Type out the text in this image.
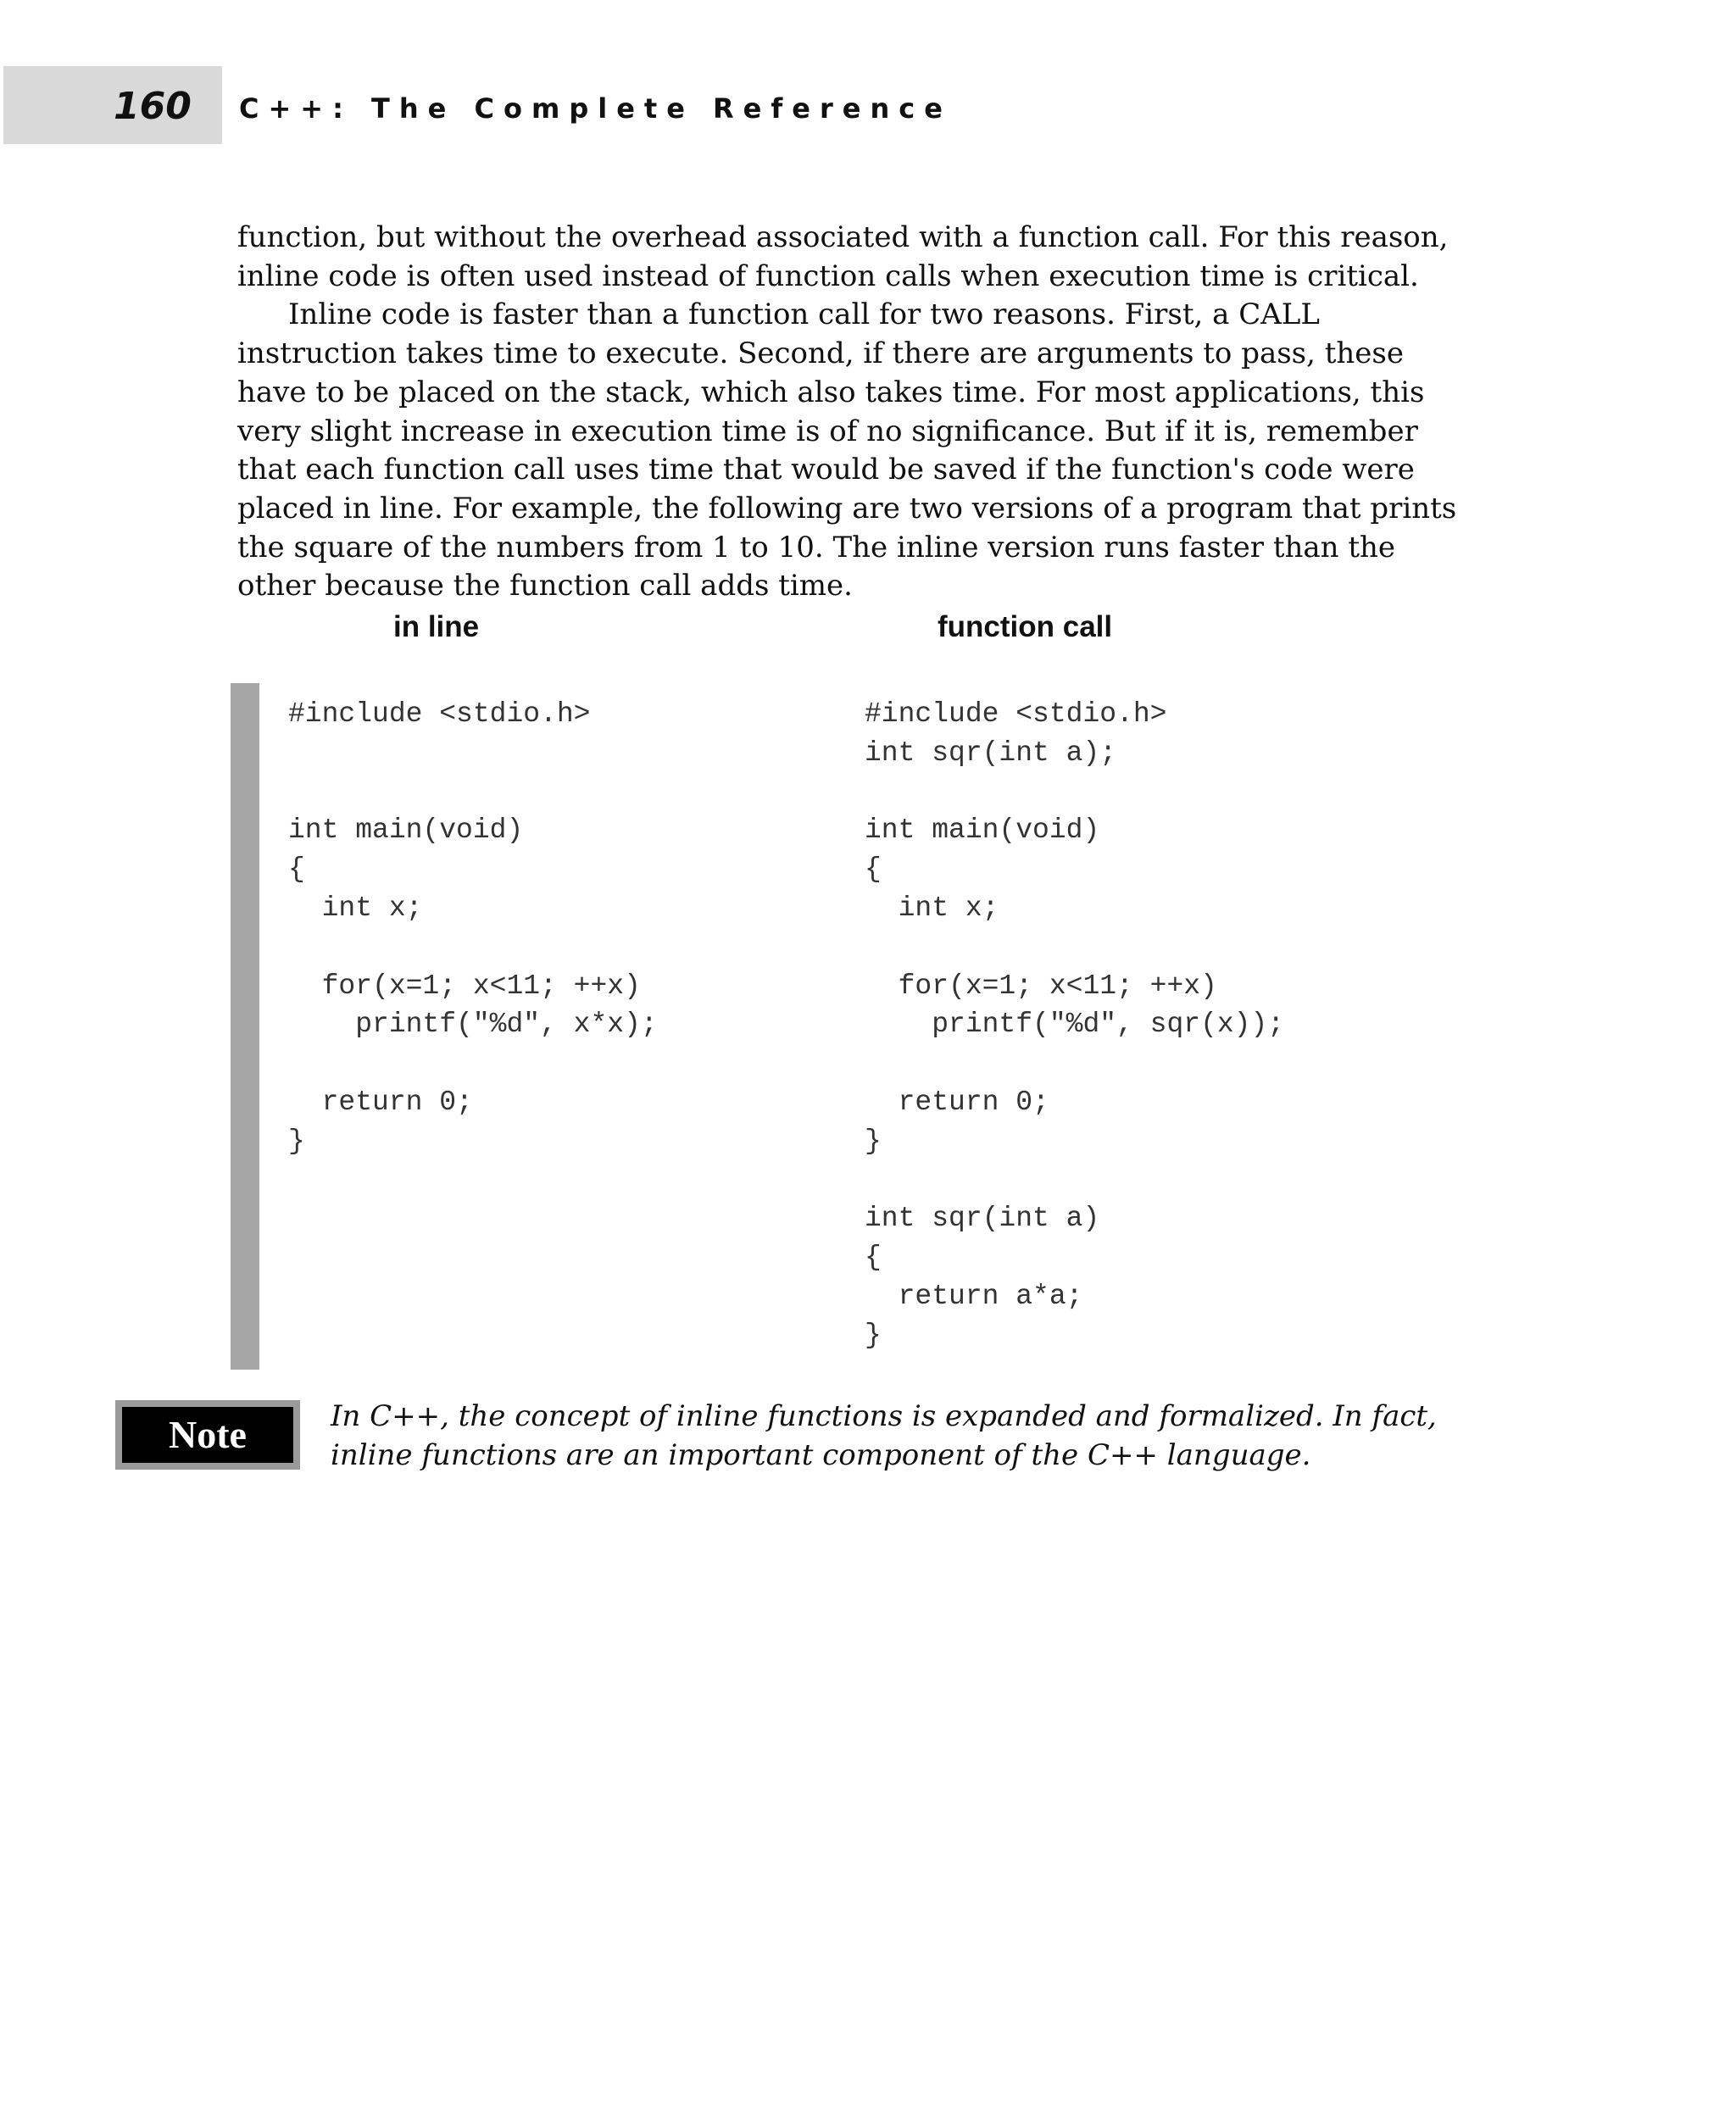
160 C++: The Complete Reference

function, but without the overhead associated with a function call. For this reason, inline code is often used instead of function calls when execution time is critical.

Inline code is faster than a function call for two reasons. First, a CALL instruction takes time to execute. Second, if there are arguments to pass, these have to be placed on the stack, which also takes time. For most applications, this very slight increase in execution time is of no significance. But if it is, remember that each function call uses time that would be saved if the function's code were placed in line. For example, the following are two versions of a program that prints the square of the numbers from 1 to 10. The inline version runs faster than the other because the function call adds time.

in line	function call
#include <stdio.h>

int main(void)
{
int x;

for(x=1; x<11; ++x)
printf("%d", x*x);

return 0;
}
#include <stdio.h>
int sqr(int a);

int main(void)
{
int x;

for(x=1; x<11; ++x)
printf("%d", sqr(x));

return 0;
}

int sqr(int a)
{
return a*a;
}
Note	In C++, the concept of inline functions is expanded and formalized. In fact, inline functions are an important component of the C++ language.
